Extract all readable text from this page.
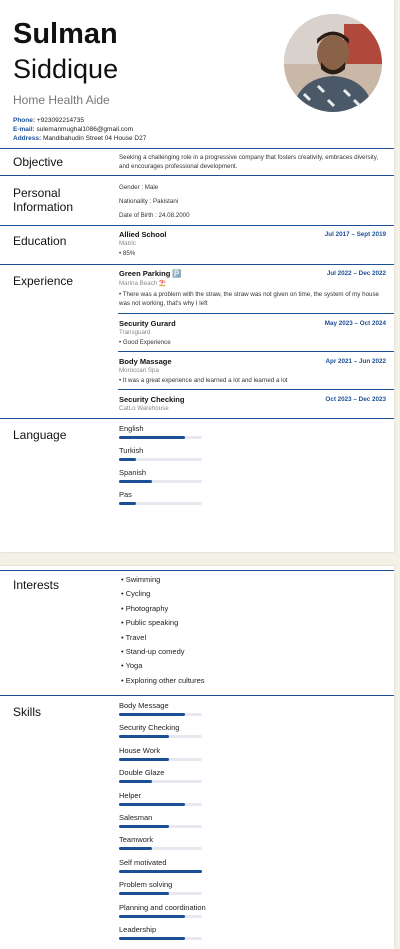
Sulman
Siddique
Home Health Aide
Phone: +923092214735
E-mail: sulemanmughal1086@gmail.com
Address: Mandibahudin Street 04 House D27
Objective	Seeking a challenging role in a progressive company that fosters creativity, embraces diversity, and encourages professional development.
Personal Information
Gender : Male
Nationality : Pakistani
Date of Birth : 24.08.2000
Education	Allied School	Jul 2017 – Sept 2019
Matric
• 85%
Experience
Green Parking 🅿️	Jul 2022 – Dec 2022
Marina Beach ⛱️
• There was a problem with the straw, the straw was not given on time, the system of my house was not working, that's why I left
Security Gurard	May 2023 – Oct 2024
Transguard
• Good Experience
Body Massage	Apr 2021 – Jun 2022
Moroccan Spa
• It was a great experience and learned a lot and learned a lot
Security Checking	Oct 2023 – Dec 2023
CatLo Warehouse
Language	English
Turkish
Spanish
Pas
Interests	• Swimming
• Cycling
• Photography
• Public speaking
• Travel
• Stand-up comedy
• Yoga
• Exploring other cultures
Skills	Body Message
Security Checking
House Work
Double Glaze
Helper
Salesman
Teamwork
Self motivated
Problem solving
Planning and coordination
Leadership
